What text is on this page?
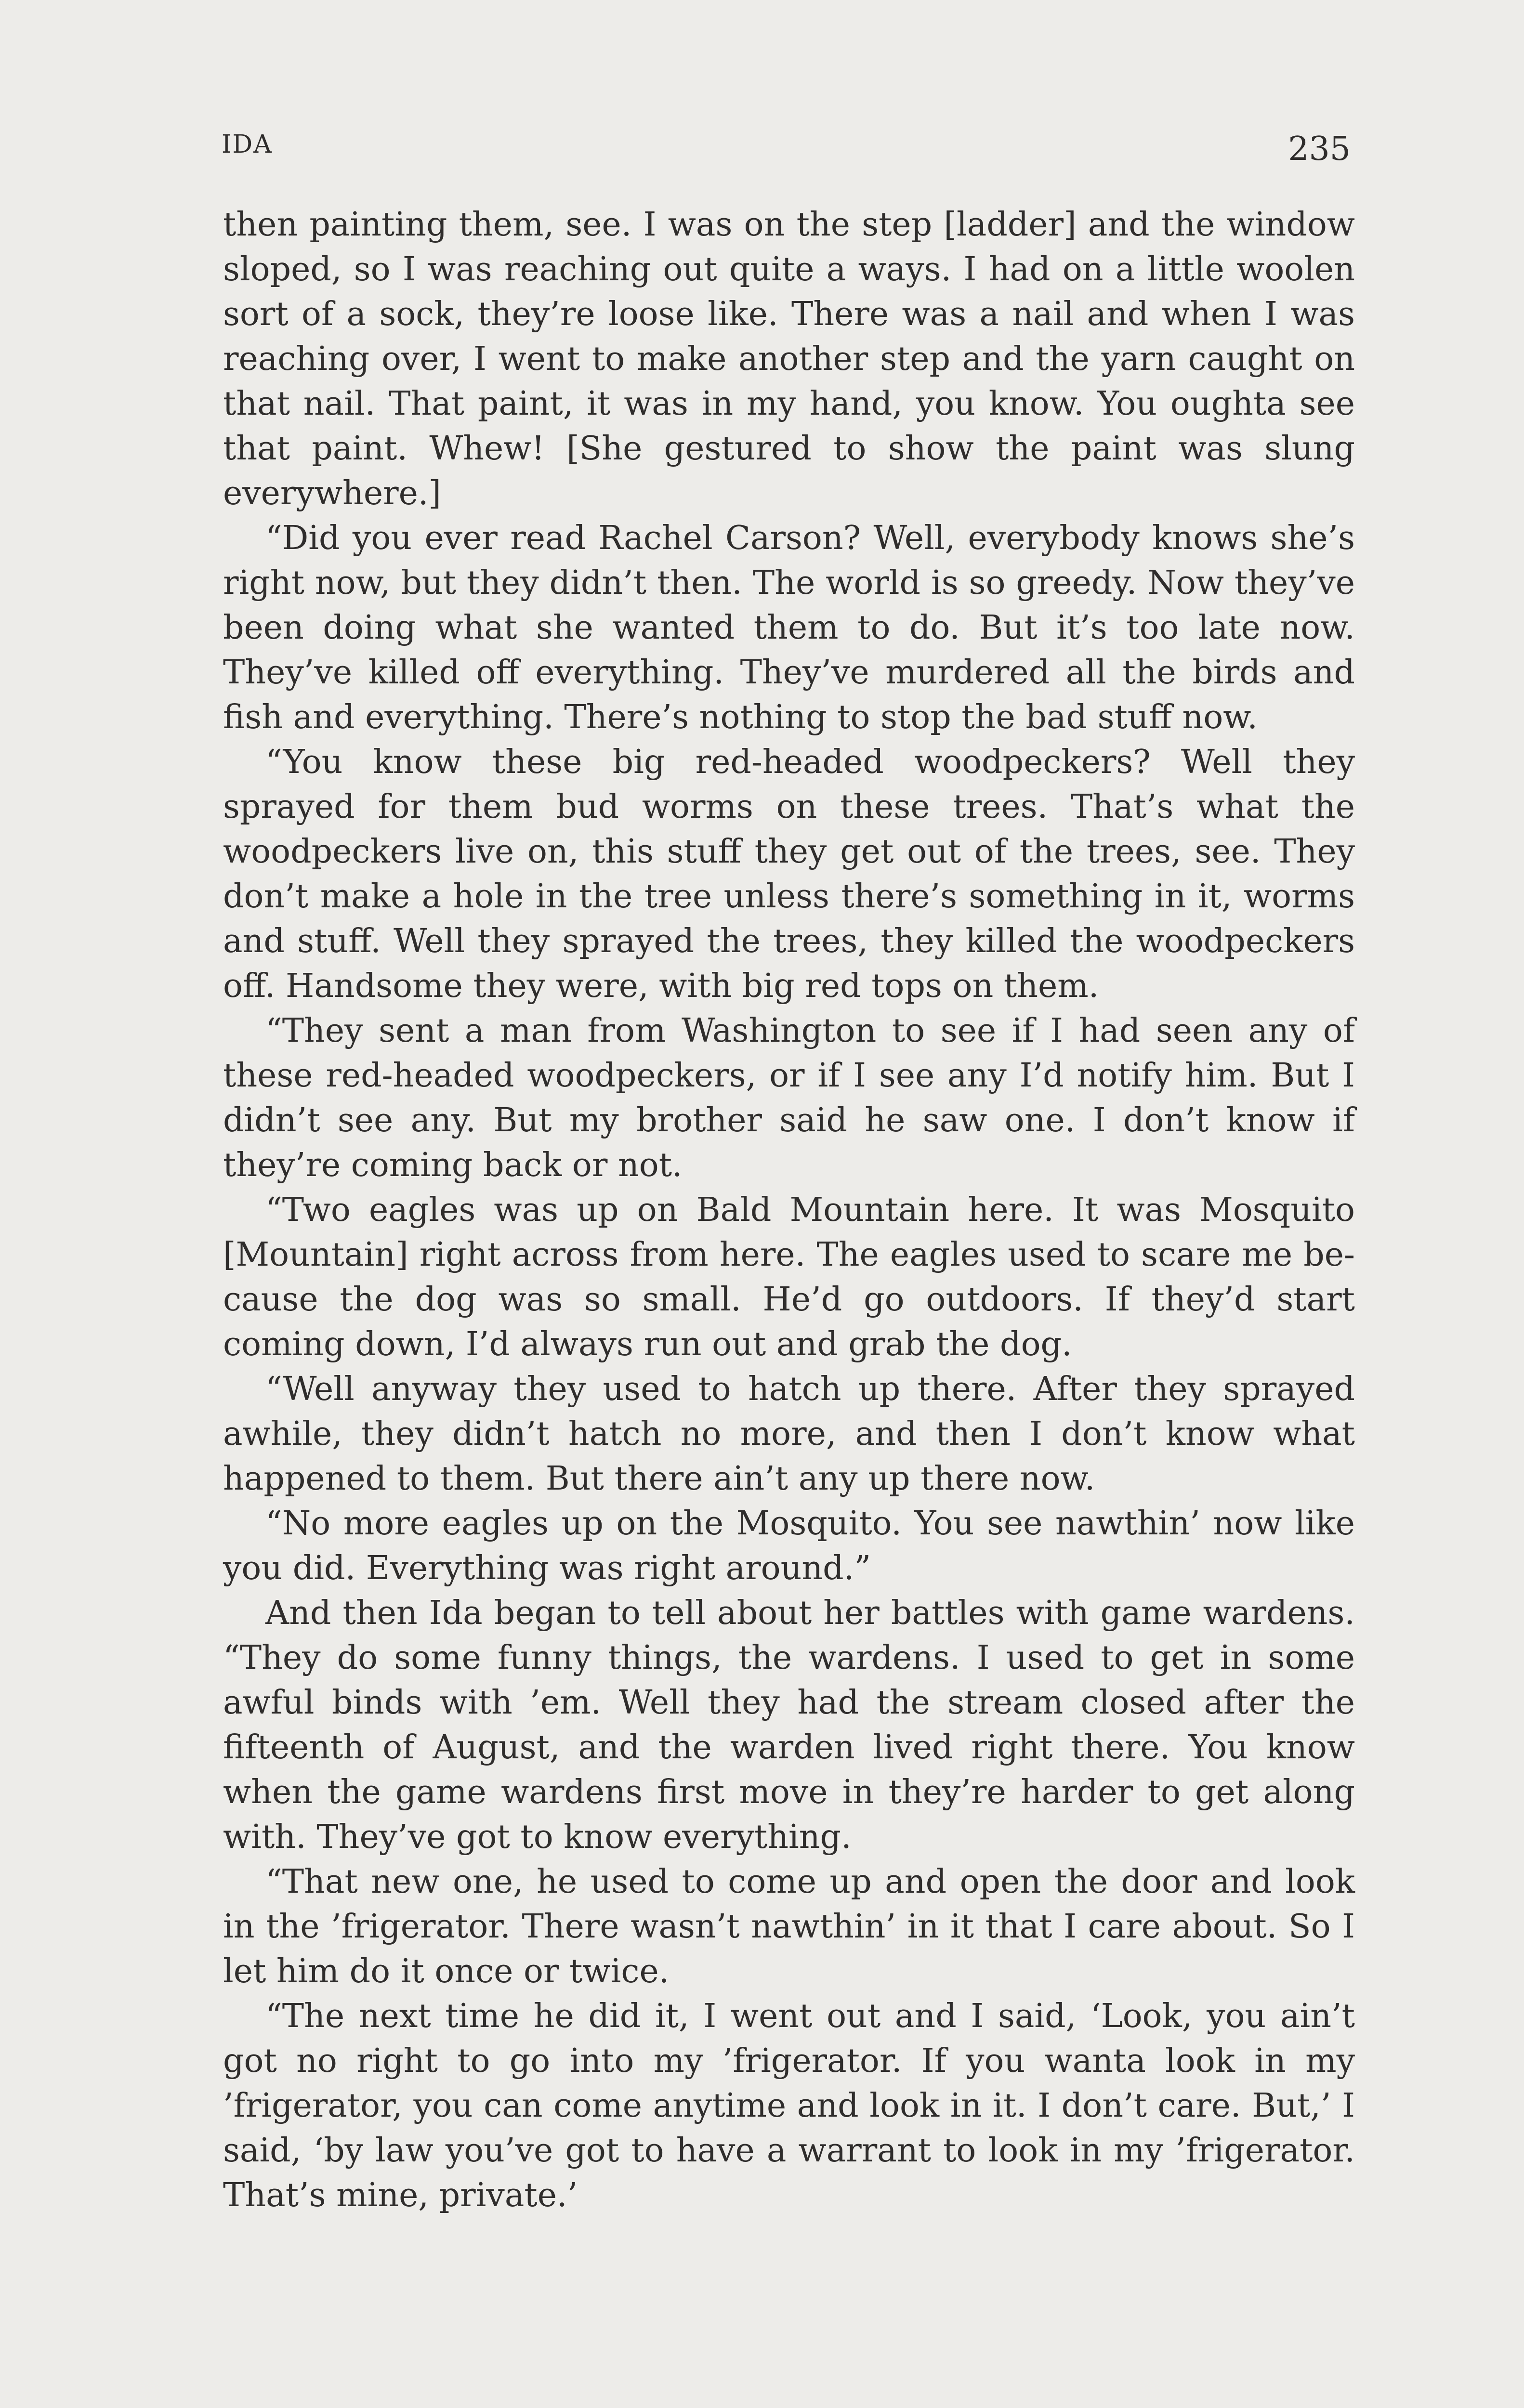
IDA	235

then painting them, see. I was on the step [ladder] and the window sloped, so I was reaching out quite a ways. I had on a little woolen sort of a sock, they’re loose like. There was a nail and when I was reaching over, I went to make another step and the yarn caught on that nail. That paint, it was in my hand, you know. You oughta see that paint. Whew! [She gestured to show the paint was slung everywhere.]

“Did you ever read Rachel Carson? Well, everybody knows she’s right now, but they didn’t then. The world is so greedy. Now they’ve been doing what she wanted them to do. But it’s too late now. They’ve killed off everything. They’ve murdered all the birds and fish and everything. There’s nothing to stop the bad stuff now.

“You know these big red-headed woodpeckers? Well they sprayed for them bud worms on these trees. That’s what the woodpeckers live on, this stuff they get out of the trees, see. They don’t make a hole in the tree unless there’s something in it, worms and stuff. Well they sprayed the trees, they killed the woodpeckers off. Handsome they were, with big red tops on them.

“They sent a man from Washington to see if I had seen any of these red-headed woodpeckers, or if I see any I’d notify him. But I didn’t see any. But my brother said he saw one. I don’t know if they’re coming back or not.

“Two eagles was up on Bald Mountain here. It was Mosquito [Mountain] right across from here. The eagles used to scare me because the dog was so small. He’d go outdoors. If they’d start coming down, I’d always run out and grab the dog.

“Well anyway they used to hatch up there. After they sprayed awhile, they didn’t hatch no more, and then I don’t know what happened to them. But there ain’t any up there now.

“No more eagles up on the Mosquito. You see nawthin’ now like you did. Everything was right around.”

And then Ida began to tell about her battles with game wardens. “They do some funny things, the wardens. I used to get in some awful binds with ’em. Well they had the stream closed after the fifteenth of August, and the warden lived right there. You know when the game wardens first move in they’re harder to get along with. They’ve got to know everything.

“That new one, he used to come up and open the door and look in the ’frigerator. There wasn’t nawthin’ in it that I care about. So I let him do it once or twice.

“The next time he did it, I went out and I said, ‘Look, you ain’t got no right to go into my ’frigerator. If you wanta look in my ’frigerator, you can come anytime and look in it. I don’t care. But,’ I said, ‘by law you’ve got to have a warrant to look in my ’frigerator. That’s mine, private.’
